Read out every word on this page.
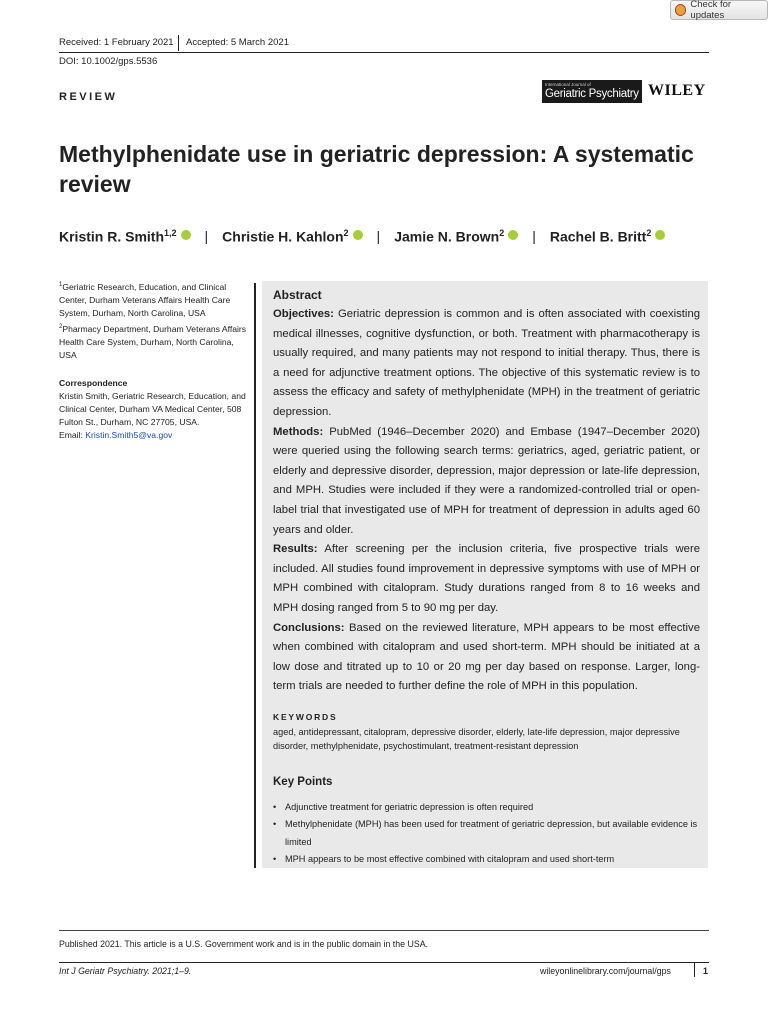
Check for updates
Received: 1 February 2021 Accepted: 5 March 2021
DOI: 10.1002/gps.5536
REVIEW
International Journal of
Geriatric Psychiatry WILEY
Methylphenidate use in geriatric depression: A systematic review
Kristin R. Smith$^{1,2}$ | Christie H. Kahlon$^2$ | Jamie N. Brown$^2$ | Rachel B. Britt$^2$
$^1$Geriatric Research, Education, and Clinical Center, Durham Veterans Affairs Health Care System, Durham, North Carolina, USA
$^2$Pharmacy Department, Durham Veterans Affairs Health Care System, Durham, North Carolina, USA
Correspondence
Kristin Smith, Geriatric Research, Education, and Clinical Center, Durham VA Medical Center, 508 Fulton St., Durham, NC 27705, USA.
Email: Kristin.Smith5@va.gov
Abstract

Objectives: Geriatric depression is common and is often associated with coexisting medical illnesses, cognitive dysfunction, or both. Treatment with pharmacotherapy is usually required, and many patients may not respond to initial therapy. Thus, there is a need for adjunctive treatment options. The objective of this systematic review is to assess the efficacy and safety of methylphenidate (MPH) in the treatment of geriatric depression.

Methods: PubMed (1946–December 2020) and Embase (1947–December 2020) were queried using the following search terms: geriatrics, aged, geriatric patient, or elderly and depressive disorder, depression, major depression or late-life depression, and MPH. Studies were included if they were a randomized-controlled trial or open-label trial that investigated use of MPH for treatment of depression in adults aged 60 years and older.

Results: After screening per the inclusion criteria, five prospective trials were included. All studies found improvement in depressive symptoms with use of MPH or MPH combined with citalopram. Study durations ranged from 8 to 16 weeks and MPH dosing ranged from 5 to 90 mg per day.

Conclusions: Based on the reviewed literature, MPH appears to be most effective when combined with citalopram and used short-term. MPH should be initiated at a low dose and titrated up to 10 or 20 mg per day based on response. Larger, long-term trials are needed to further define the role of MPH in this population.

KEYWORDS
aged, antidepressant, citalopram, depressive disorder, elderly, late-life depression, major depressive disorder, methylphenidate, psychostimulant, treatment-resistant depression
Key Points
• Adjunctive treatment for geriatric depression is often required
• Methylphenidate (MPH) has been used for treatment of geriatric depression, but available evidence is limited
• MPH appears to be most effective combined with citalopram and used short-term
Published 2021. This article is a U.S. Government work and is in the public domain in the USA.
Int J Geriatr Psychiatry. 2021;1–9.	wileyonlinelibrary.com/journal/gps	1
